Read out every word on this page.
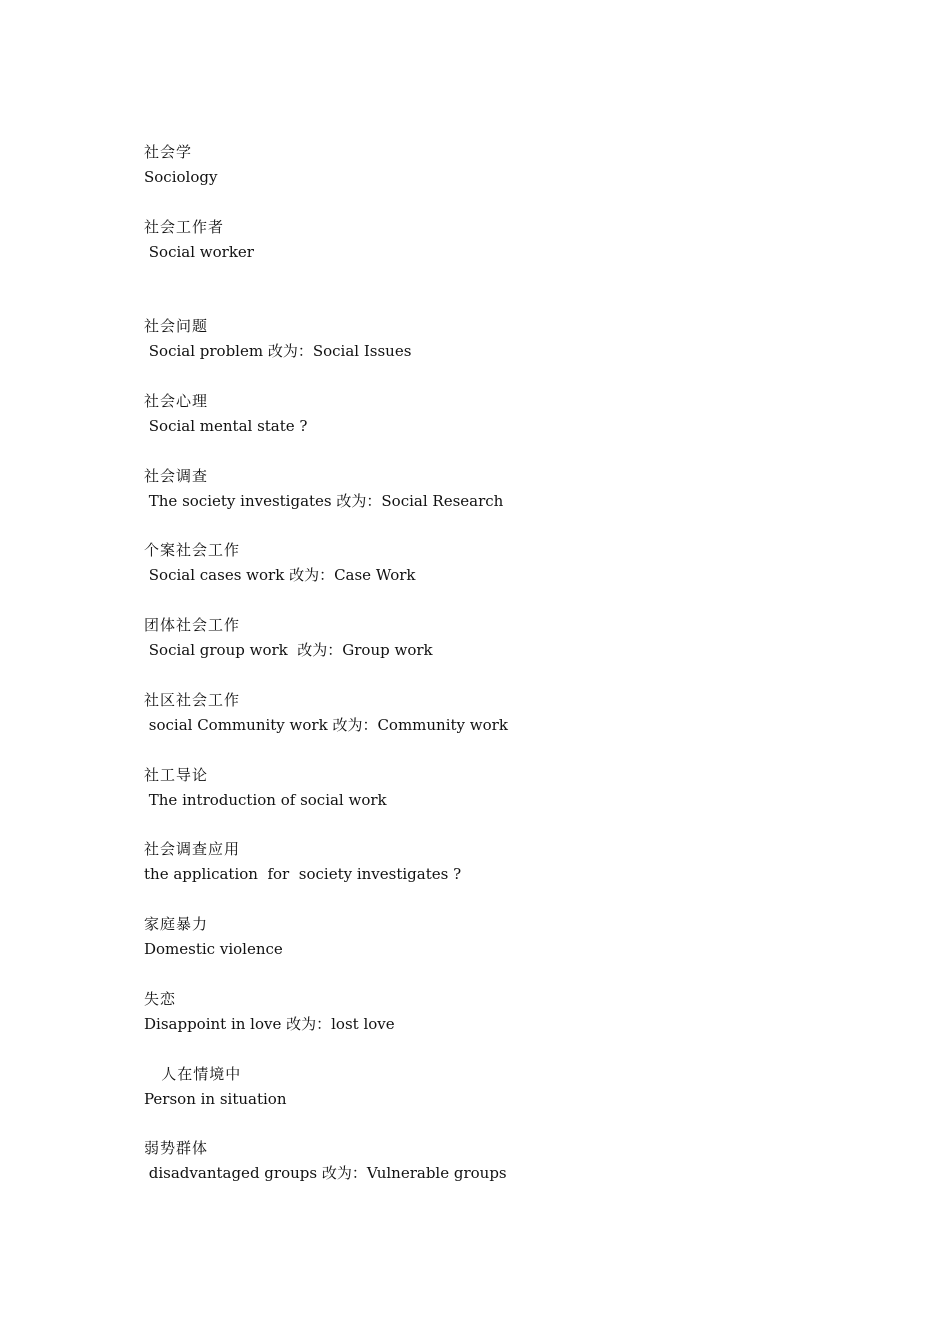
社会学
Sociology
社会工作者
Social worker
社会问题
Social problem 改为：Social Issues
社会心理
Social mental state ?
社会调查
The society investigates 改为：Social Research
个案社会工作
Social cases work 改为：Case Work
团体社会工作
Social group work  改为：Group work
社区社会工作
social Community work 改为：Community work
社工导论
The introduction of social work
社会调查应用
the application  for  society investigates ?
家庭暴力
Domestic violence
失恋
Disappoint in love 改为：lost love
人在情境中
Person in situation
弱势群体
disadvantaged groups 改为：Vulnerable groups
